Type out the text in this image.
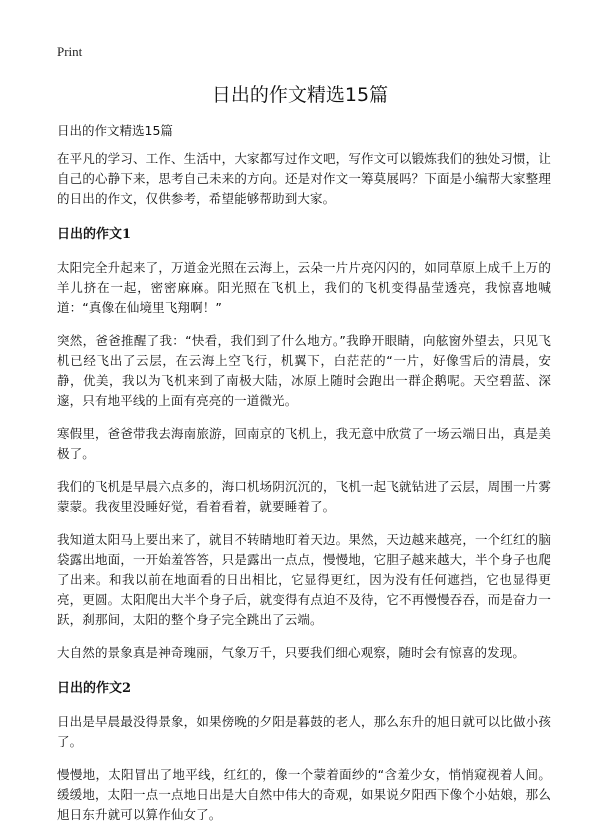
Print
日出的作文精选15篇
日出的作文精选15篇

在平凡的学习、工作、生活中，大家都写过作文吧，写作文可以锻炼我们的独处习惯，让自己的心静下来，思考自己未来的方向。还是对作文一筹莫展吗？下面是小编帮大家整理的日出的作文，仅供参考，希望能够帮助到大家。

日出的作文1

太阳完全升起来了，万道金光照在云海上，云朵一片片亮闪闪的，如同草原上成千上万的羊儿挤在一起，密密麻麻。阳光照在飞机上，我们的飞机变得晶莹透亮，我惊喜地喊道：“真像在仙境里飞翔啊！”

突然，爸爸推醒了我：“快看，我们到了什么地方。”我睁开眼睛，向舷窗外望去，只见飞机已经飞出了云层，在云海上空飞行，机翼下，白茫茫的“一片，好像雪后的清晨，安静，优美，我以为飞机来到了南极大陆，冰原上随时会跑出一群企鹅呢。天空碧蓝、深邃，只有地平线的上面有亮亮的一道微光。

寒假里，爸爸带我去海南旅游，回南京的飞机上，我无意中欣赏了一场云端日出，真是美极了。

我们的飞机是早晨六点多的，海口机场阴沉沉的，飞机一起飞就钻进了云层，周围一片雾蒙蒙。我夜里没睡好觉，看着看着，就要睡着了。

我知道太阳马上要出来了，就目不转睛地盯着天边。果然，天边越来越亮，一个红红的脑袋露出地面，一开始羞答答，只是露出一点点，慢慢地，它胆子越来越大，半个身子也爬了出来。和我以前在地面看的日出相比，它显得更红，因为没有任何遮挡，它也显得更亮，更圆。太阳爬出大半个身子后，就变得有点迫不及待，它不再慢慢吞吞，而是奋力一跃，刹那间，太阳的整个身子完全跳出了云端。

大自然的景象真是神奇瑰丽，气象万千，只要我们细心观察，随时会有惊喜的发现。

日出的作文2

日出是早晨最没得景象，如果傍晚的夕阳是暮鼓的老人，那么东升的旭日就可以比做小孩了。

慢慢地，太阳冒出了地平线，红红的，像一个蒙着面纱的“含羞少女，悄悄窥视着人间。缓缓地，太阳一点一点地日出是大自然中伟大的奇观，如果说夕阳西下像个小姑娘，那么旭日东升就可以算作仙女了。
